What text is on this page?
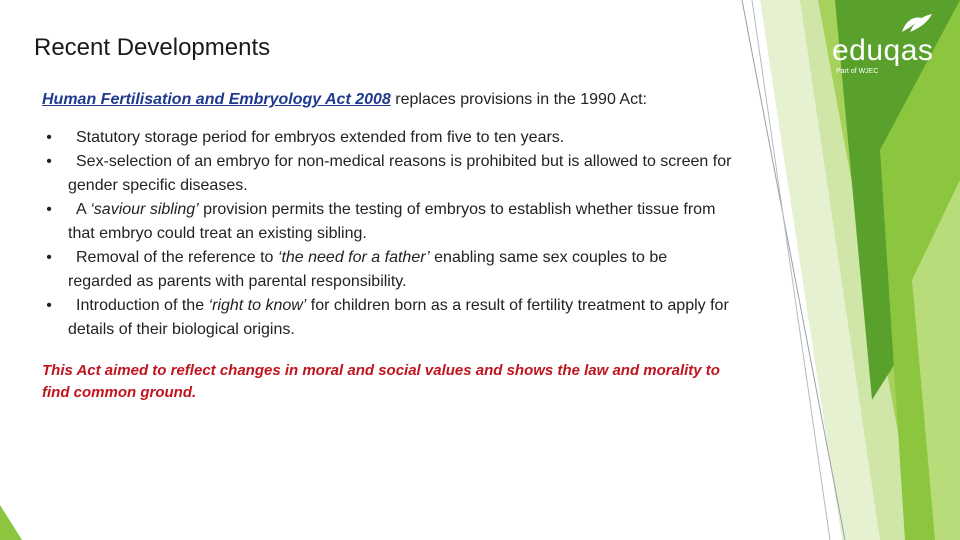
eduqas
Part of WJEC
Recent Developments

Human Fertilisation and Embryology Act 2008 replaces provisions in the 1990 Act:

• Statutory storage period for embryos extended from five to ten years.
• Sex-selection of an embryo for non-medical reasons is prohibited but is allowed to screen for gender specific diseases.
• A ‘saviour sibling’ provision permits the testing of embryos to establish whether tissue from that embryo could treat an existing sibling.
• Removal of the reference to ‘the need for a father’ enabling same sex couples to be regarded as parents with parental responsibility.
• Introduction of the ‘right to know’ for children born as a result of fertility treatment to apply for details of their biological origins.
This Act aimed to reflect changes in moral and social values and shows the law and morality to find common ground.
